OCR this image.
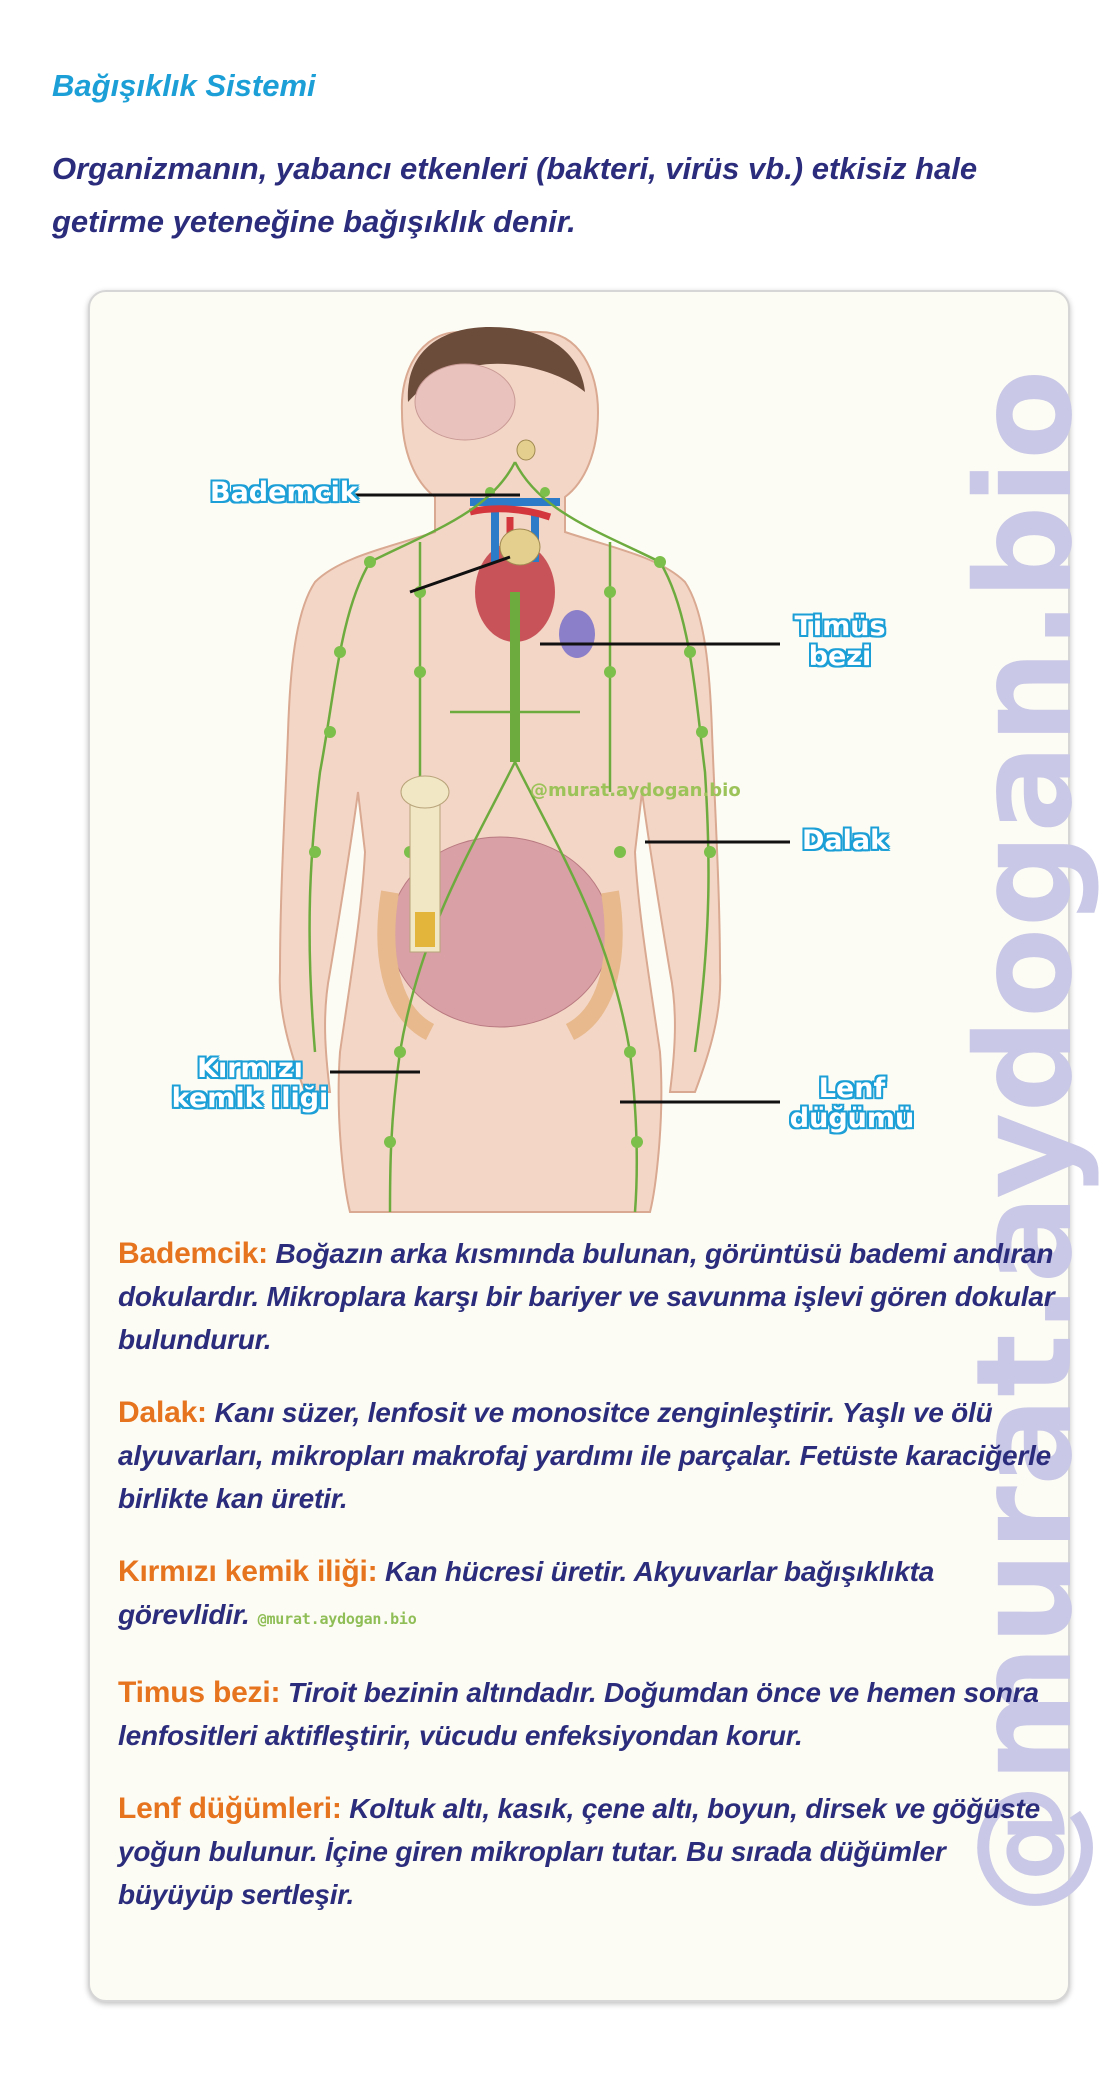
Bağışıklık Sistemi
Organizmanın, yabancı etkenleri (bakteri, virüs vb.) etkisiz hale getirme yeteneğine bağışıklık denir.
@murat.aydogan.bio
@murat.aydogan.bio
Bademcik
Timüs
bezi
Dalak
Kırmızı
kemik iliği	Lenf
düğümü
Bademcik: Boğazın arka kısmında bulunan, görüntüsü bademi andıran dokulardır. Mikroplara karşı bir bariyer ve savunma işlevi gören dokular bulundurur.
Dalak: Kanı süzer, lenfosit ve monositce zenginleştirir. Yaşlı ve ölü alyuvarları, mikropları makrofaj yardımı ile parçalar. Fetüste karaciğerle birlikte kan üretir.
Kırmızı kemik iliği: Kan hücresi üretir. Akyuvarlar bağışıklıkta görevlidir. @murat.aydogan.bio
Timus bezi: Tiroit bezinin altındadır. Doğumdan önce ve hemen sonra lenfositleri aktifleştirir, vücudu enfeksiyondan korur.
Lenf düğümleri: Koltuk altı, kasık, çene altı, boyun, dirsek ve göğüste yoğun bulunur. İçine giren mikropları tutar. Bu sırada düğümler büyüyüp sertleşir.
